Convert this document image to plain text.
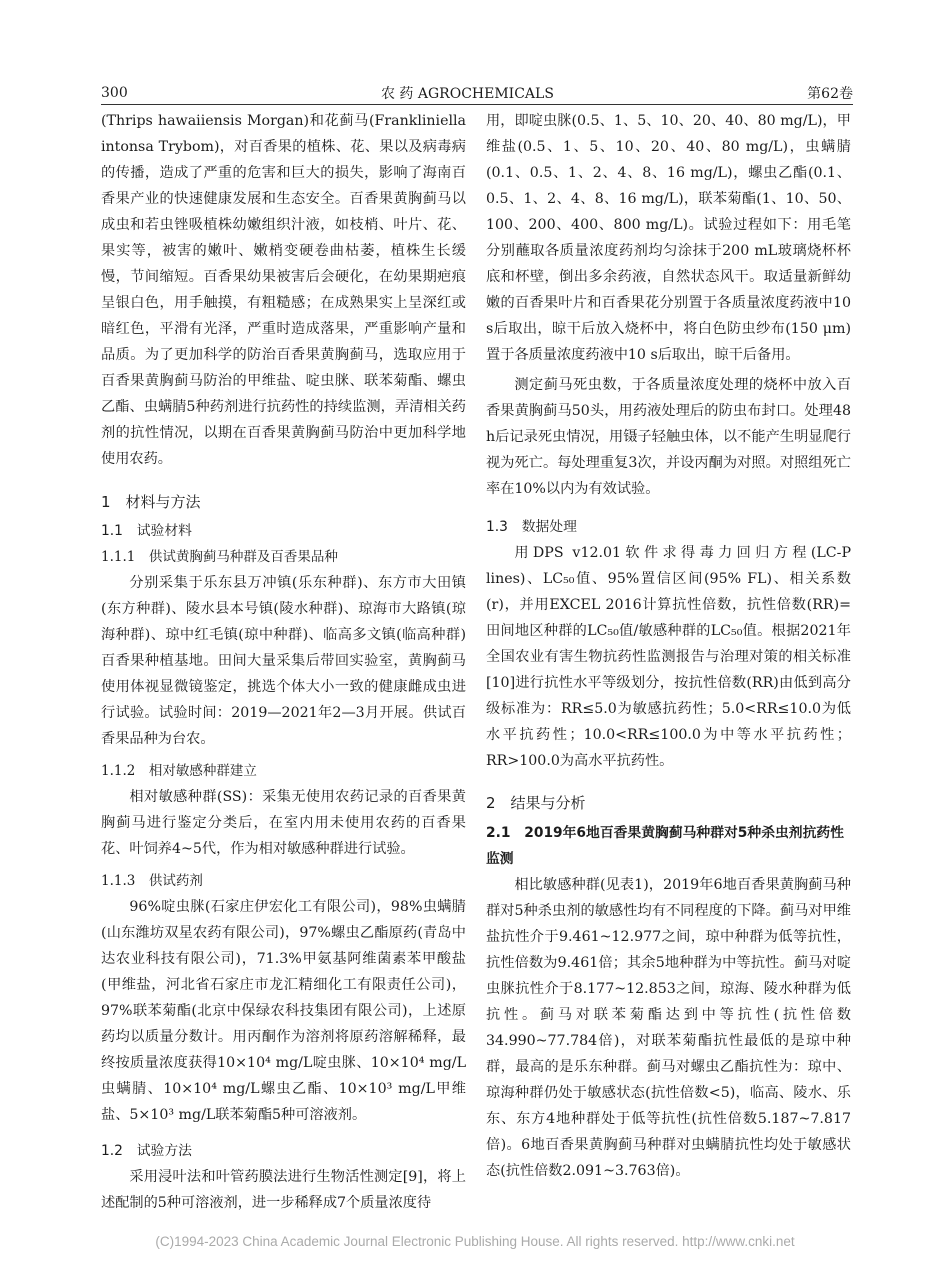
300	农 药 AGROCHEMICALS	第62卷

(Thrips hawaiiensis Morgan)和花蓟马(Frankliniella intonsa Trybom)，对百香果的植株、花、果以及病毒病的传播，造成了严重的危害和巨大的损失，影响了海南百香果产业的快速健康发展和生态安全。百香果黄胸蓟马以成虫和若虫锉吸植株幼嫩组织汁液，如枝梢、叶片、花、果实等，被害的嫩叶、嫩梢变硬卷曲枯萎，植株生长缓慢，节间缩短。百香果幼果被害后会硬化，在幼果期疤痕呈银白色，用手触摸，有粗糙感；在成熟果实上呈深红或暗红色，平滑有光泽，严重时造成落果，严重影响产量和品质。为了更加科学的防治百香果黄胸蓟马，选取应用于百香果黄胸蓟马防治的甲维盐、啶虫脒、联苯菊酯、螺虫乙酯、虫螨腈5种药剂进行抗药性的持续监测，弄清相关药剂的抗性情况，以期在百香果黄胸蓟马防治中更加科学地使用农药。

1　材料与方法
1.1　试验材料
1.1.1　供试黄胸蓟马种群及百香果品种

分别采集于乐东县万冲镇(乐东种群)、东方市大田镇(东方种群)、陵水县本号镇(陵水种群)、琼海市大路镇(琼海种群)、琼中红毛镇(琼中种群)、临高多文镇(临高种群)百香果种植基地。田间大量采集后带回实验室，黄胸蓟马使用体视显微镜鉴定，挑选个体大小一致的健康雌成虫进行试验。试验时间：2019—2021年2—3月开展。供试百香果品种为台农。

1.1.2　相对敏感种群建立

相对敏感种群(SS)：采集无使用农药记录的百香果黄胸蓟马进行鉴定分类后，在室内用未使用农药的百香果花、叶饲养4~5代，作为相对敏感种群进行试验。

1.1.3　供试药剂

96%啶虫脒(石家庄伊宏化工有限公司)，98%虫螨腈(山东潍坊双星农药有限公司)，97%螺虫乙酯原药(青岛中达农业科技有限公司)，71.3%甲氨基阿维菌素苯甲酸盐(甲维盐，河北省石家庄市龙汇精细化工有限责任公司)，97%联苯菊酯(北京中保绿农科技集团有限公司)，上述原药均以质量分数计。用丙酮作为溶剂将原药溶解稀释，最终按质量浓度获得10×10⁴ mg/L啶虫脒、10×10⁴ mg/L虫螨腈、10×10⁴ mg/L螺虫乙酯、10×10³ mg/L甲维盐、5×10³ mg/L联苯菊酯5种可溶液剂。

1.2　试验方法

采用浸叶法和叶管药膜法进行生物活性测定[9]，将上述配制的5种可溶液剂，进一步稀释成7个质量浓度待

用，即啶虫脒(0.5、1、5、10、20、40、80 mg/L)，甲维盐(0.5、1、5、10、20、40、80 mg/L)，虫螨腈(0.1、0.5、1、2、4、8、16 mg/L)，螺虫乙酯(0.1、0.5、1、2、4、8、16 mg/L)，联苯菊酯(1、10、50、100、200、400、800 mg/L)。试验过程如下：用毛笔分别蘸取各质量浓度药剂均匀涂抹于200 mL玻璃烧杯杯底和杯壁，倒出多余药液，自然状态风干。取适量新鲜幼嫩的百香果叶片和百香果花分别置于各质量浓度药液中10 s后取出，晾干后放入烧杯中，将白色防虫纱布(150 μm)置于各质量浓度药液中10 s后取出，晾干后备用。

测定蓟马死虫数，于各质量浓度处理的烧杯中放入百香果黄胸蓟马50头，用药液处理后的防虫布封口。处理48 h后记录死虫情况，用镊子轻触虫体，以不能产生明显爬行视为死亡。每处理重复3次，并设丙酮为对照。对照组死亡率在10%以内为有效试验。

1.3　数据处理

用DPS v12.01软件求得毒力回归方程(LC-P lines)、LC₅₀值、95%置信区间(95% FL)、相关系数(r)，并用EXCEL 2016计算抗性倍数，抗性倍数(RR)=田间地区种群的LC₅₀值/敏感种群的LC₅₀值。根据2021年全国农业有害生物抗药性监测报告与治理对策的相关标准[10]进行抗性水平等级划分，按抗性倍数(RR)由低到高分级标准为：RR≤5.0为敏感抗药性；5.0<RR≤10.0为低水平抗药性；10.0<RR≤100.0为中等水平抗药性；RR>100.0为高水平抗药性。

2　结果与分析
2.1　2019年6地百香果黄胸蓟马种群对5种杀虫剂抗药性监测

相比敏感种群(见表1)，2019年6地百香果黄胸蓟马种群对5种杀虫剂的敏感性均有不同程度的下降。蓟马对甲维盐抗性介于9.461~12.977之间，琼中种群为低等抗性，抗性倍数为9.461倍；其余5地种群为中等抗性。蓟马对啶虫脒抗性介于8.177~12.853之间，琼海、陵水种群为低抗性。蓟马对联苯菊酯达到中等抗性(抗性倍数34.990~77.784倍)，对联苯菊酯抗性最低的是琼中种群，最高的是乐东种群。蓟马对螺虫乙酯抗性为：琼中、琼海种群仍处于敏感状态(抗性倍数<5)，临高、陵水、乐东、东方4地种群处于低等抗性(抗性倍数5.187~7.817倍)。6地百香果黄胸蓟马种群对虫螨腈抗性均处于敏感状态(抗性倍数2.091~3.763倍)。

(C)1994-2023 China Academic Journal Electronic Publishing House. All rights reserved. http://www.cnki.net
